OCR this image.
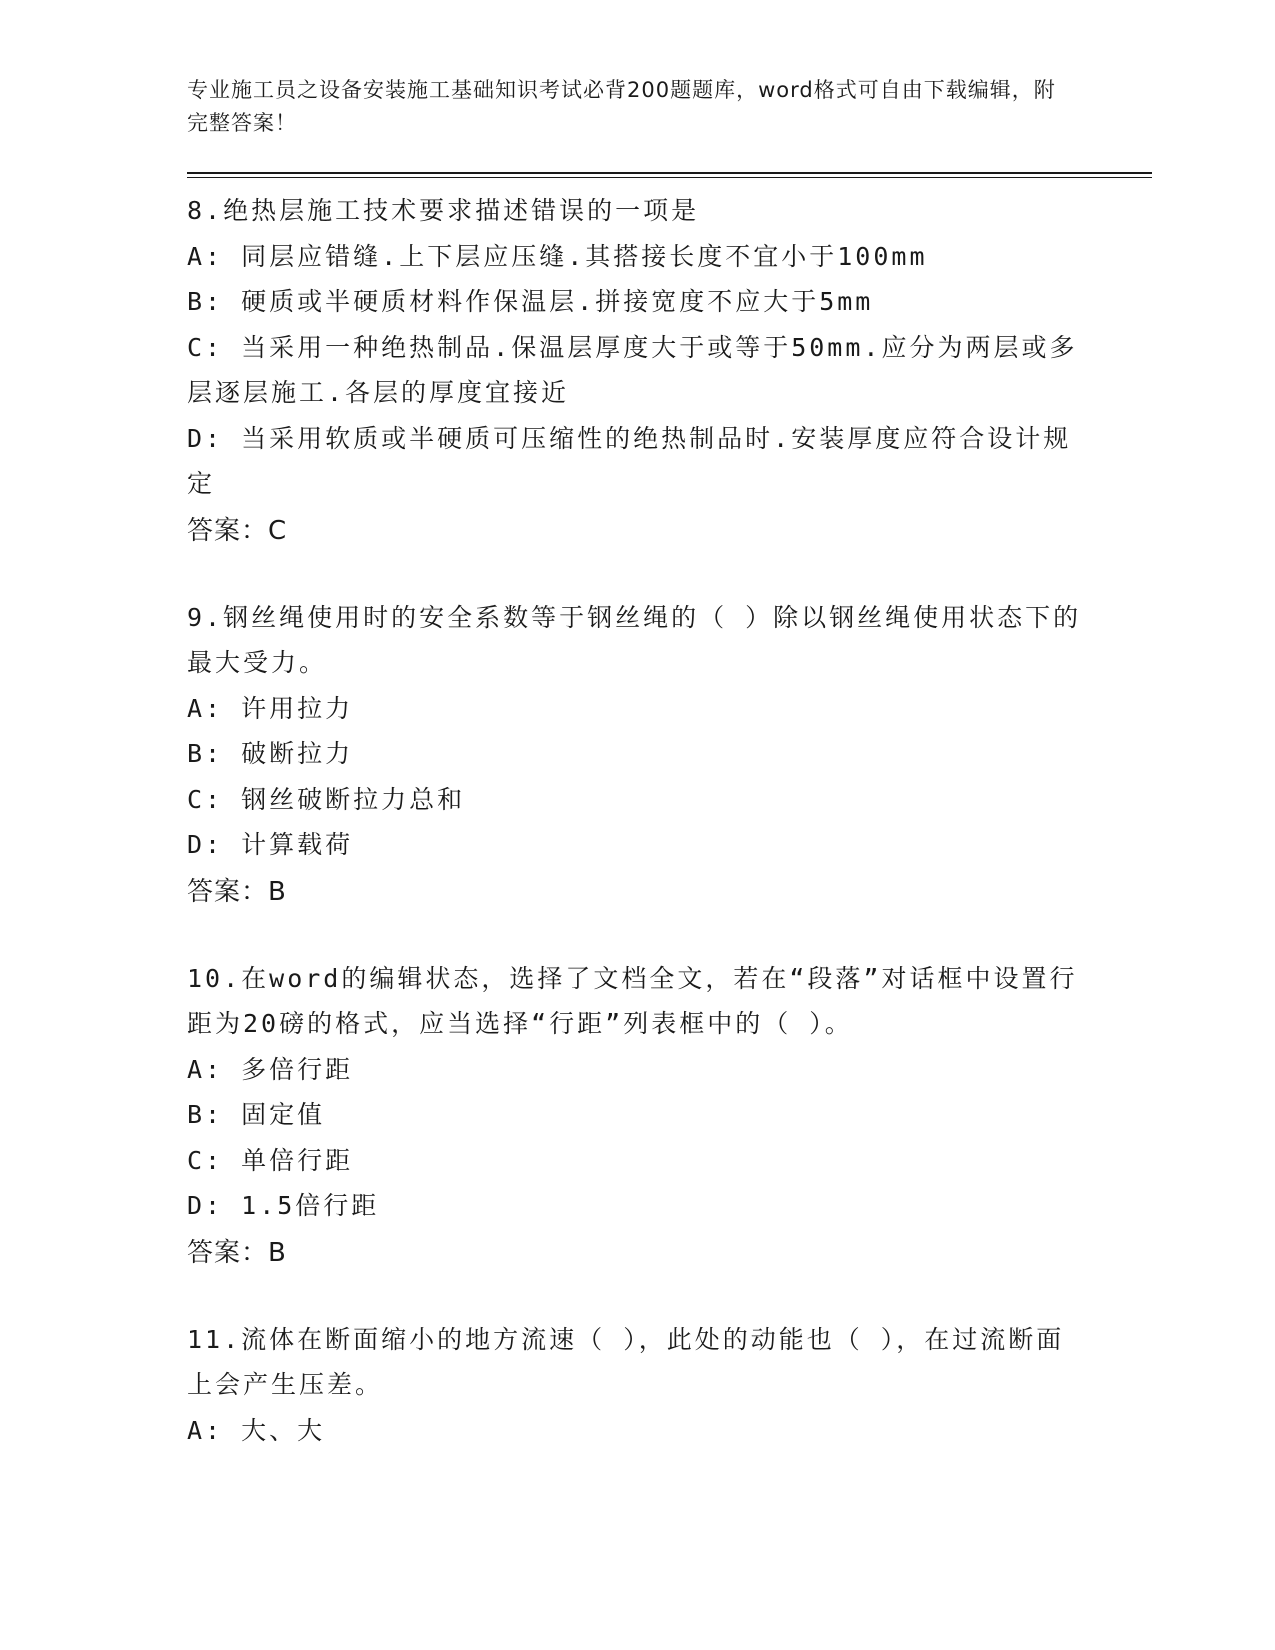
专业施工员之设备安装施工基础知识考试必背200题题库，word格式可自由下载编辑，附完整答案！
8.绝热层施工技术要求描述错误的一项是
A: 同层应错缝.上下层应压缝.其搭接长度不宜小于100mm
B: 硬质或半硬质材料作保温层.拼接宽度不应大于5mm
C: 当采用一种绝热制品.保温层厚度大于或等于50mm.应分为两层或多层逐层施工.各层的厚度宜接近
D: 当采用软质或半硬质可压缩性的绝热制品时.安装厚度应符合设计规定
答案：C
9.钢丝绳使用时的安全系数等于钢丝绳的（ ）除以钢丝绳使用状态下的最大受力。
A: 许用拉力
B: 破断拉力
C: 钢丝破断拉力总和
D: 计算载荷
答案：B
10.在word的编辑状态，选择了文档全文，若在“段落”对话框中设置行距为20磅的格式，应当选择“行距”列表框中的（ ）。
A: 多倍行距
B: 固定值
C: 单倍行距
D: 1.5倍行距
答案：B
11.流体在断面缩小的地方流速（ ），此处的动能也（ ），在过流断面上会产生压差。
A: 大、大
